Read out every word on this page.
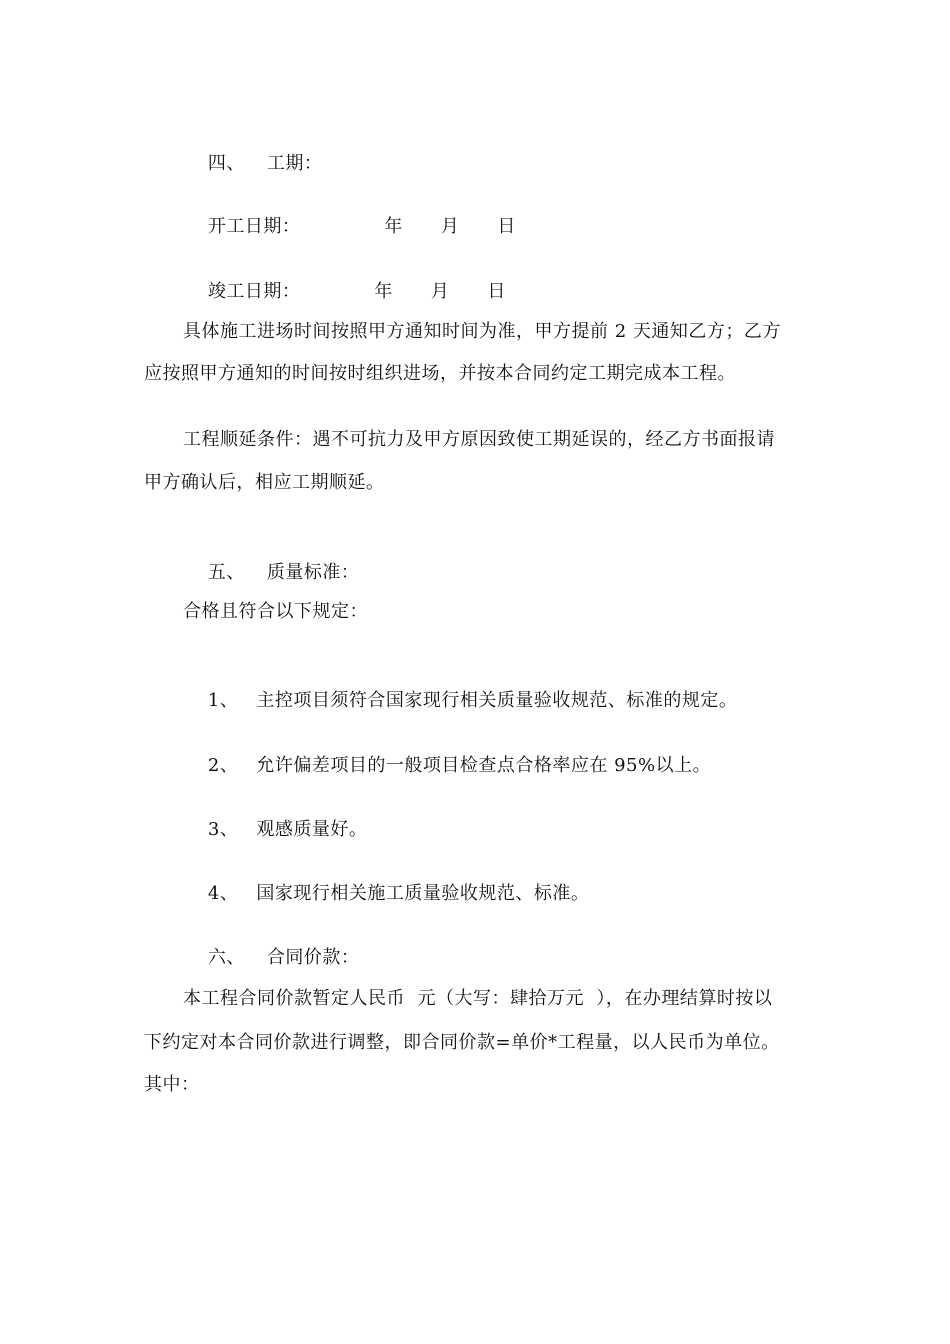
四、 工期：

开工日期：	年 月 日

竣工日期：	年 月 日

具体施工进场时间按照甲方通知时间为准，甲方提前 2 天通知乙方；乙方
应按照甲方通知的时间按时组织进场，并按本合同约定工期完成本工程。
工程顺延条件：遇不可抗力及甲方原因致使工期延误的，经乙方书面报请
甲方确认后，相应工期顺延。

五、 质量标准：

合格且符合以下规定：

1、 主控项目须符合国家现行相关质量验收规范、标准的规定。

2、 允许偏差项目的一般项目检查点合格率应在 95%以上。

3、 观感质量好。

4、 国家现行相关施工质量验收规范、标准。

六、 合同价款：

本工程合同价款暂定人民币  元（大写：肆拾万元  ），在办理结算时按以
下约定对本合同价款进行调整，即合同价款=单价*工程量，以人民币为单位。
其中：
